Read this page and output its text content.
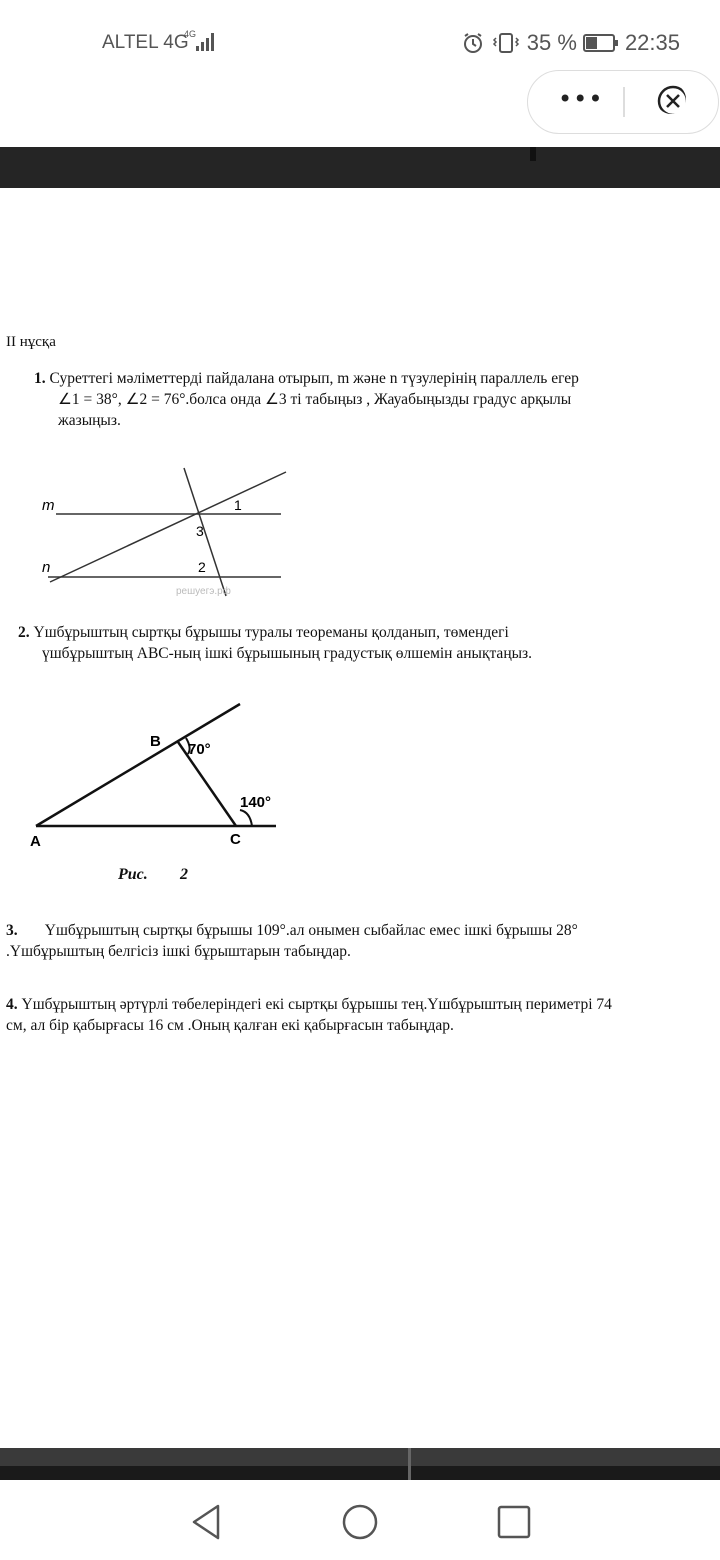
ALTEL 4G
4G	35 % 22:35
•••
II нұсқа
1. Суреттегі мәліметтерді пайдалана отырып, m және n түзулерінің параллель егер
∠1 = 38°, ∠2 = 76°.болса онда ∠3 ті табыңыз , Жауабыңызды градус арқылы
жазыңыз.
m
n
1
3
2
решуегэ.рф
2. Үшбұрыштың сыртқы бұрышы туралы теореманы қолданып, төмендегі
үшбұрыштың АВС-ның ішкі бұрышының градустық өлшемін анықтаңыз.
B 70°
140°
A	C
Рис. 2
3. Үшбұрыштың сыртқы бұрышы 109°.ал онымен сыбайлас емес ішкі бұрышы 28°
.Үшбұрыштың белгісіз ішкі бұрыштарын табыңдар.
4. Үшбұрыштың әртүрлі төбелеріндегі екі сыртқы бұрышы тең.Үшбұрыштың периметрі 74
см, ал бір қабырғасы 16 см .Оның қалған екі қабырғасын табыңдар.
